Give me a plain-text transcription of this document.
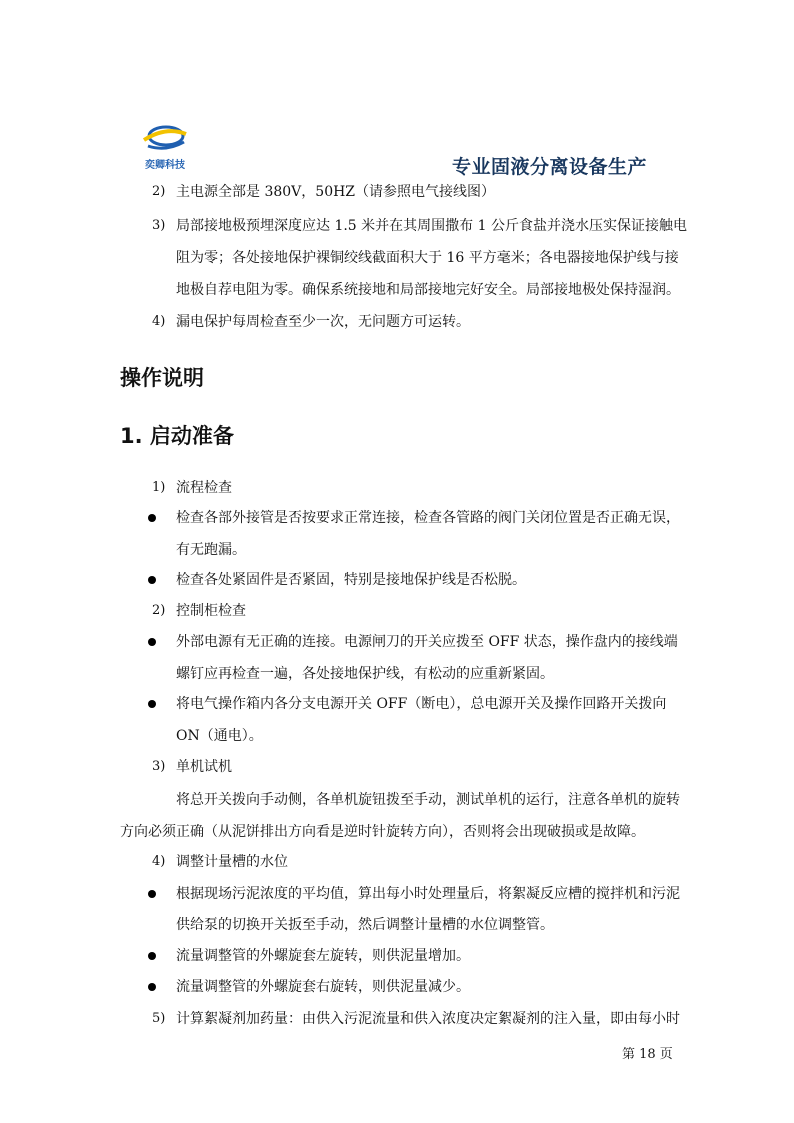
奕卿科技	专业固液分离设备生产
2) 主电源全部是 380V，50HZ（请参照电气接线图）
3) 局部接地极预埋深度应达 1.5 米并在其周围撒布 1 公斤食盐并浇水压实保证接触电
阻为零；各处接地保护裸铜绞线截面积大于 16 平方毫米；各电器接地保护线与接
地极自荐电阻为零。确保系统接地和局部接地完好安全。局部接地极处保持湿润。
4) 漏电保护每周检查至少一次，无问题方可运转。
操作说明
1. 启动准备
1) 流程检查
检查各部外接管是否按要求正常连接，检查各管路的阀门关闭位置是否正确无误，
有无跑漏。
检查各处紧固件是否紧固，特别是接地保护线是否松脱。
2) 控制柜检查
外部电源有无正确的连接。电源闸刀的开关应拨至 OFF 状态，操作盘内的接线端
螺钉应再检查一遍，各处接地保护线，有松动的应重新紧固。
将电气操作箱内各分支电源开关 OFF（断电），总电源开关及操作回路开关拨向
ON（通电）。
3) 单机试机
将总开关拨向手动侧，各单机旋钮拨至手动，测试单机的运行，注意各单机的旋转
方向必须正确（从泥饼排出方向看是逆时针旋转方向），否则将会出现破损或是故障。
4) 调整计量槽的水位
根据现场污泥浓度的平均值，算出每小时处理量后，将絮凝反应槽的搅拌机和污泥
供给泵的切换开关扳至手动，然后调整计量槽的水位调整管。
流量调整管的外螺旋套左旋转，则供泥量增加。
流量调整管的外螺旋套右旋转，则供泥量减少。
5) 计算絮凝剂加药量：由供入污泥流量和供入浓度决定絮凝剂的注入量，即由每小时
第 18 页
